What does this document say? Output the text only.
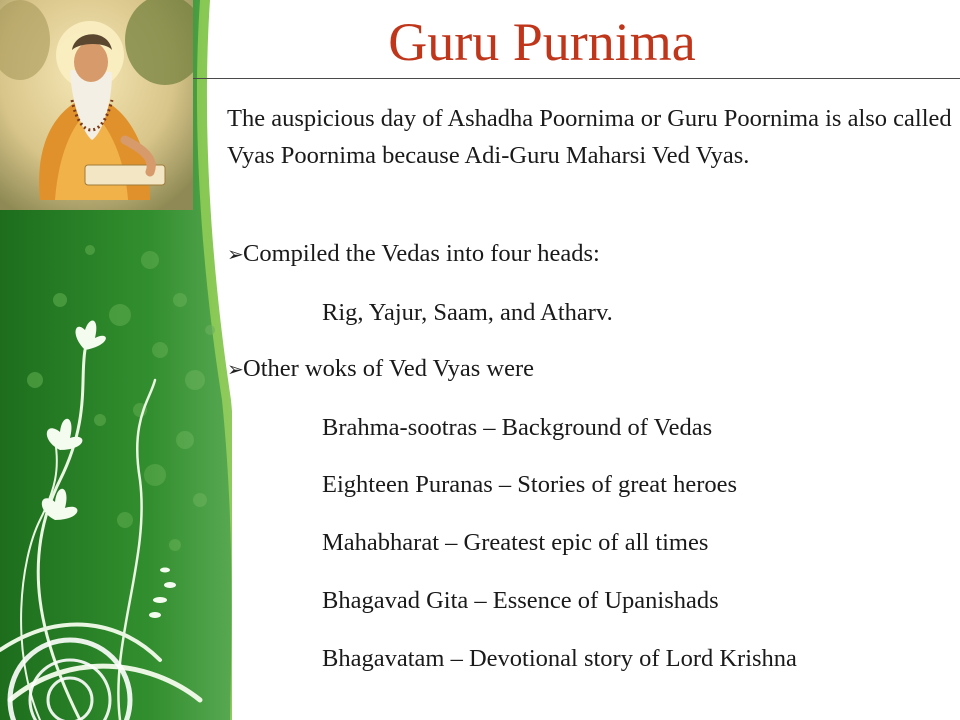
Guru Purnima

The auspicious day of Ashadha Poornima or Guru Poornima is also called Vyas Poornima because Adi-Guru Maharsi Ved Vyas.

➢Compiled the Vedas into four heads:
Rig, Yajur, Saam, and Atharv.
➢Other woks of Ved Vyas were
Brahma-sootras – Background of Vedas
Eighteen Puranas – Stories of great heroes
Mahabharat – Greatest epic of all times
Bhagavad Gita – Essence of Upanishads
Bhagavatam – Devotional story of Lord Krishna
